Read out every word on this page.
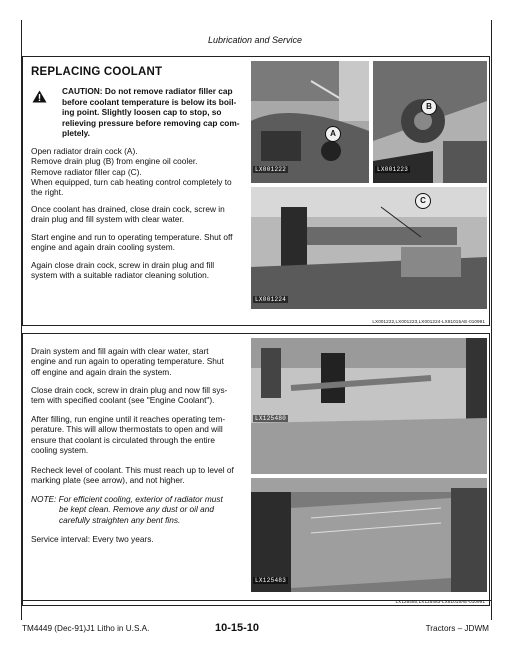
Lubrication and Service
REPLACING COOLANT
CAUTION: Do not remove radiator filler cap
before coolant temperature is below its boil-
ing point. Slightly loosen cap to stop, so
relieving pressure before removing cap com-
pletely.
Open radiator drain cock (A).
Remove drain plug (B) from engine oil cooler.
Remove radiator filler cap (C).
When equipped, turn cab heating control completely to
the right.
Once coolant has drained, close drain cock, screw in
drain plug and fill system with clear water.
Start engine and run to operating temperature. Shut off
engine and again drain cooling system.
Again close drain cock, screw in drain plug and fill
system with a suitable radiator cleaning solution.
LX001222
A
LX001223
B
LX001224
C
LX001222,LX001223,LX001224-LX81015AE-010991
Drain system and fill again with clear water, start
engine and run again to operating temperature. Shut
off engine and again drain the system.
Close drain cock, screw in drain plug and now fill sys-
tem with specified coolant (see "Engine Coolant").
After filling, run engine until it reaches operating tem-
perature. This will allow thermostats to open and will
ensure that coolant is circulated through the entire
cooling system.
Recheck level of coolant. This must reach up to level of
marking plate (see arrow), and not higher.
NOTE: For efficient cooling, exterior of radiator must
be kept clean. Remove any dust or oil and
carefully straighten any bent fins.
Service interval: Every two years.
LX125480
LX125483
LX125480,LX125483-LX81015AE-010991
TM4449 (Dec-91)J1 Litho in U.S.A.	10-15-10	Tractors – JDWM
